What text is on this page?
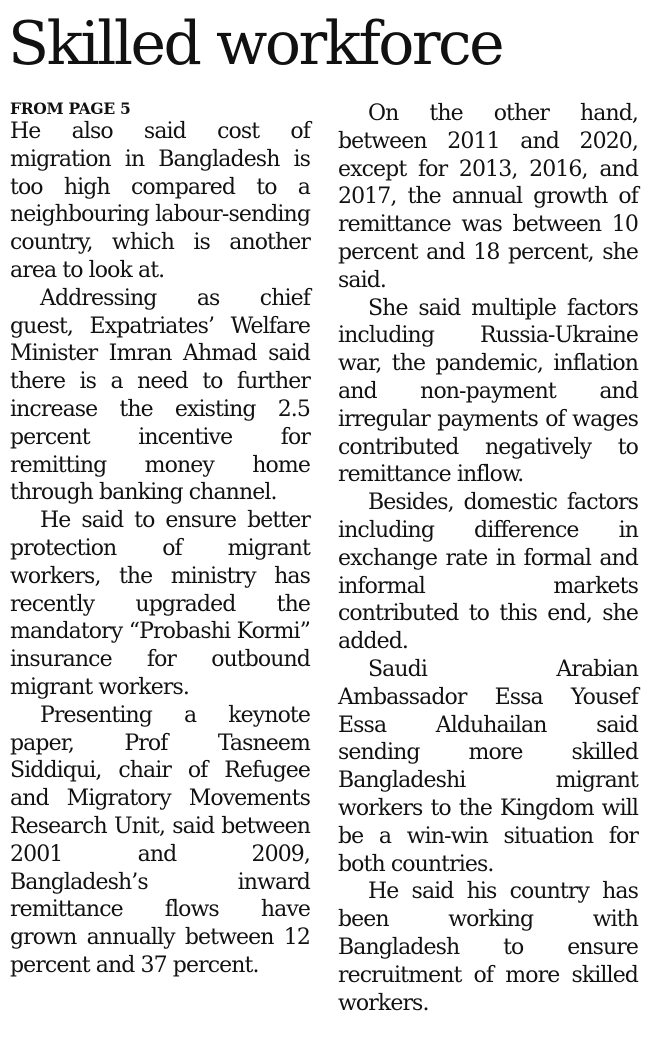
Skilled workforce
FROM PAGE 5

He also said cost of migration in Bangladesh is too high compared to a neighbouring labour-sending country, which is another area to look at.

Addressing as chief guest, Expatriates’ Welfare Minister Imran Ahmad said there is a need to further increase the existing 2.5 percent incentive for remitting money home through banking channel.

He said to ensure better protection of migrant workers, the ministry has recently upgraded the mandatory “Probashi Kormi” insurance for outbound migrant workers.

Presenting a keynote paper, Prof Tasneem Siddiqui, chair of Refugee and Migratory Movements Research Unit, said between 2001 and 2009, Bangladesh’s inward remittance flows have grown annually between 12 percent and 37 percent.

On the other hand, between 2011 and 2020, except for 2013, 2016, and 2017, the annual growth of remittance was between 10 percent and 18 percent, she said.

She said multiple factors including Russia-Ukraine war, the pandemic, inflation and non-payment and irregular payments of wages contributed negatively to remittance inflow.

Besides, domestic factors including difference in exchange rate in formal and informal markets contributed to this end, she added.

Saudi Arabian Ambassador Essa Yousef Essa Alduhailan said sending more skilled Bangladeshi migrant workers to the Kingdom will be a win-win situation for both countries.

He said his country has been working with Bangladesh to ensure recruitment of more skilled workers.
